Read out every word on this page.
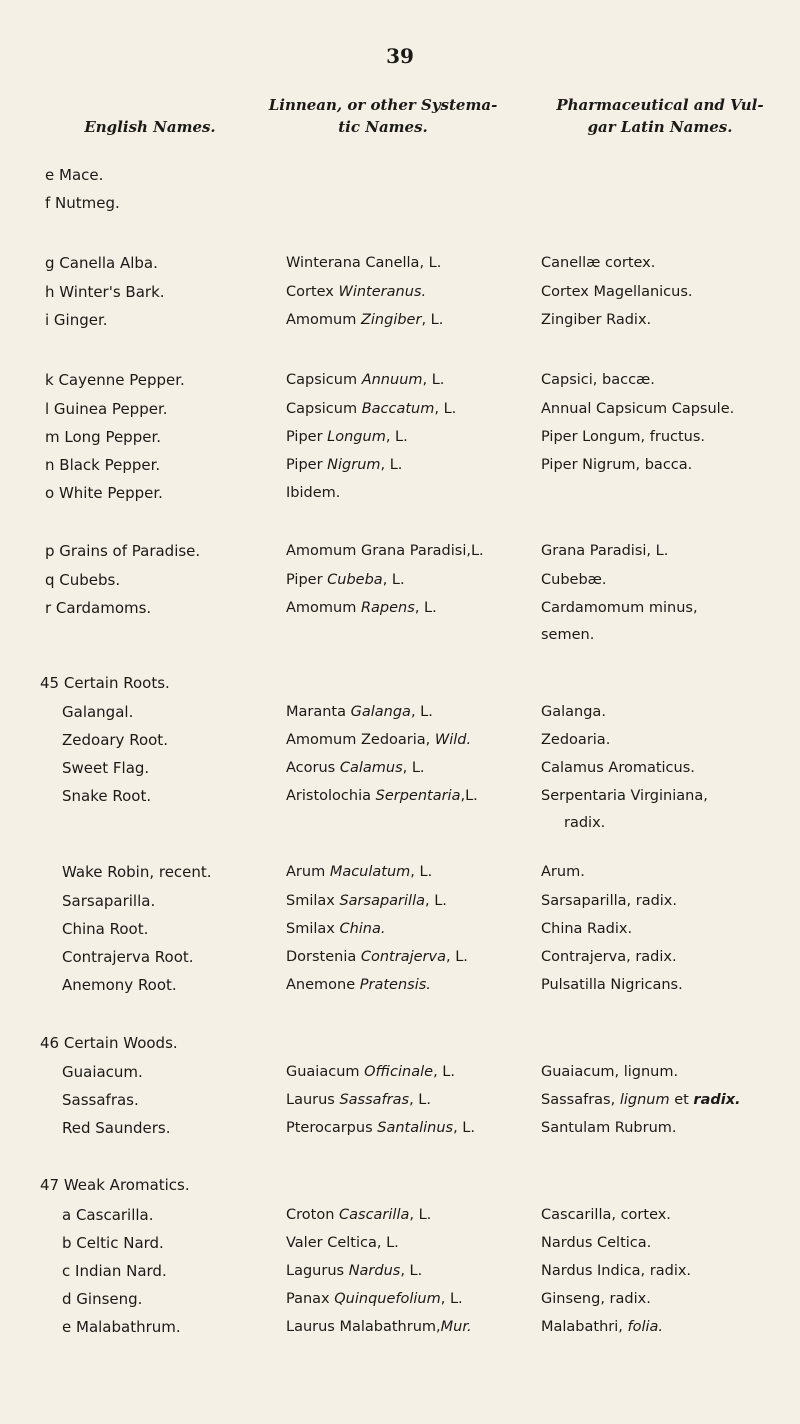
39
English Names.
Linnean, or other Systema-
tic Names.
Pharmaceutical and Vul-
gar Latin Names.
e Mace.
f Nutmeg.
g Canella Alba.	Winterana Canella, L.	Canellæ cortex.
h Winter's Bark.	Cortex Winteranus.	Cortex Magellanicus.
i Ginger.	Amomum Zingiber, L.	Zingiber Radix.
k Cayenne Pepper.	Capsicum Annuum, L.	Capsici, baccæ.
l Guinea Pepper.	Capsicum Baccatum, L.	Annual Capsicum Capsule.
m Long Pepper.	Piper Longum, L.	Piper Longum, fructus.
n Black Pepper.	Piper Nigrum, L.	Piper Nigrum, bacca.
o White Pepper.	Ibidem.
p Grains of Paradise.	Amomum Grana Paradisi,L.	Grana Paradisi, L.
q Cubebs.	Piper Cubeba, L.	Cubebæ.
r Cardamoms.	Amomum Rapens, L.	Cardamomum minus,
semen.
45 Certain Roots.
Galangal.	Maranta Galanga, L.	Galanga.
Zedoary Root.	Amomum Zedoaria, Wild.	Zedoaria.
Sweet Flag.	Acorus Calamus, L.	Calamus Aromaticus.
Snake Root.	Aristolochia Serpentaria,L.	Serpentaria Virginiana,
radix.
Wake Robin, recent.	Arum Maculatum, L.	Arum.
Sarsaparilla.	Smilax Sarsaparilla, L.	Sarsaparilla, radix.
China Root.	Smilax China.	China Radix.
Contrajerva Root.	Dorstenia Contrajerva, L.	Contrajerva, radix.
Anemony Root.	Anemone Pratensis.	Pulsatilla Nigricans.
46 Certain Woods.
Guaiacum.	Guaiacum Officinale, L.	Guaiacum, lignum.
Sassafras.	Laurus Sassafras, L.	Sassafras, lignum et radix.
Red Saunders.	Pterocarpus Santalinus, L.	Santulam Rubrum.
47 Weak Aromatics.
a Cascarilla.	Croton Cascarilla, L.	Cascarilla, cortex.
b Celtic Nard.	Valer Celtica, L.	Nardus Celtica.
c Indian Nard.	Lagurus Nardus, L.	Nardus Indica, radix.
d Ginseng.	Panax Quinquefolium, L.	Ginseng, radix.
e Malabathrum.	Laurus Malabathrum,Mur.	Malabathri, folia.
